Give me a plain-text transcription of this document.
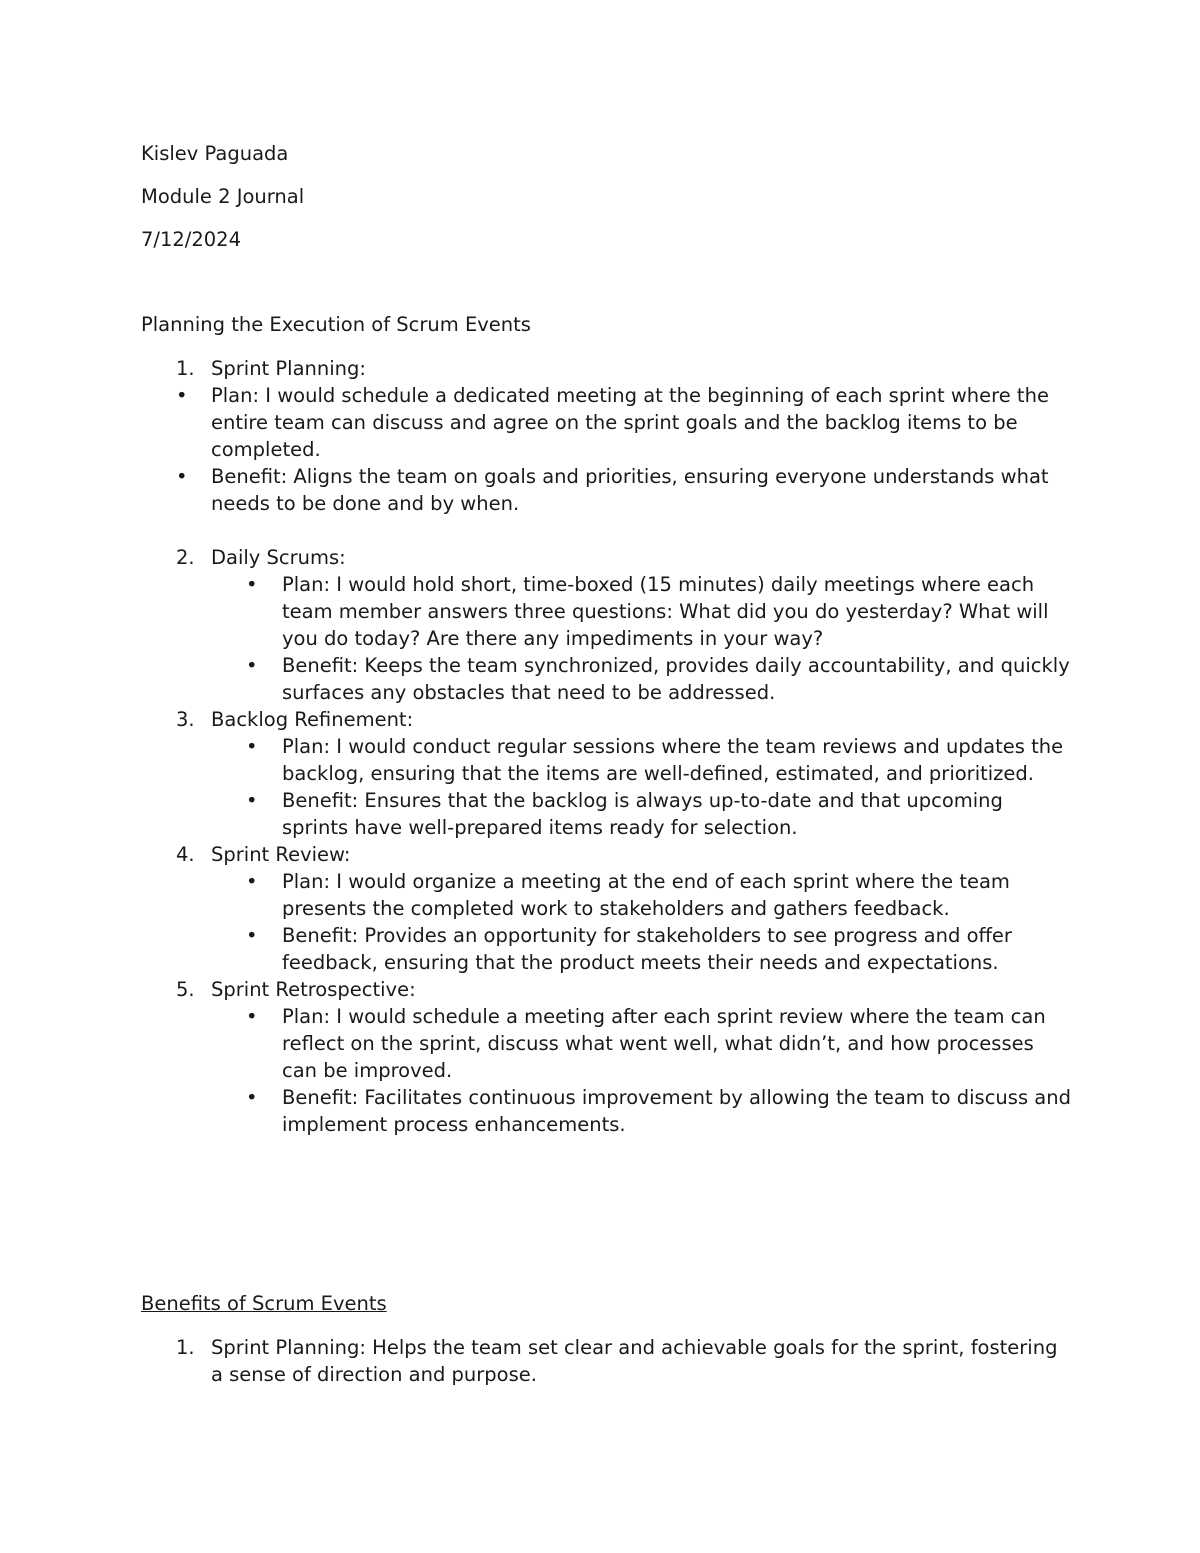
Kislev Paguada
Module 2 Journal
7/12/2024
Planning the Execution of Scrum Events
1. Sprint Planning:
•	Plan: I would schedule a dedicated meeting at the beginning of each sprint where the entire team can discuss and agree on the sprint goals and the backlog items to be completed.
•	Benefit: Aligns the team on goals and priorities, ensuring everyone understands what needs to be done and by when.
2. Daily Scrums:
•	Plan: I would hold short, time-boxed (15 minutes) daily meetings where each team member answers three questions: What did you do yesterday? What will you do today? Are there any impediments in your way?
•	Benefit: Keeps the team synchronized, provides daily accountability, and quickly surfaces any obstacles that need to be addressed.
3. Backlog Refinement:
•	Plan: I would conduct regular sessions where the team reviews and updates the backlog, ensuring that the items are well-defined, estimated, and prioritized.
•	Benefit: Ensures that the backlog is always up-to-date and that upcoming sprints have well-prepared items ready for selection.
4. Sprint Review:
•	Plan: I would organize a meeting at the end of each sprint where the team presents the completed work to stakeholders and gathers feedback.
•	Benefit: Provides an opportunity for stakeholders to see progress and offer feedback, ensuring that the product meets their needs and expectations.
5. Sprint Retrospective:
•	Plan: I would schedule a meeting after each sprint review where the team can reflect on the sprint, discuss what went well, what didn’t, and how processes can be improved.
•	Benefit: Facilitates continuous improvement by allowing the team to discuss and implement process enhancements.
Benefits of Scrum Events
1. Sprint Planning: Helps the team set clear and achievable goals for the sprint, fostering a sense of direction and purpose.
